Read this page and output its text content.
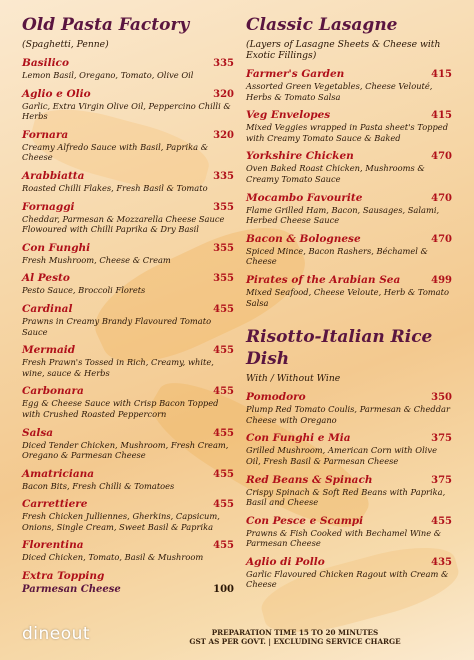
Old Pasta Factory
(Spaghetti, Penne)
Basilico	335
Lemon Basil, Oregano, Tomato, Olive Oil
Aglio e Olio	320
Garlic, Extra Virgin Olive Oil, Peppercino Chilli & Herbs
Fornara	320
Creamy Alfredo Sauce with Basil, Paprika & Cheese
Arabbiatta	335
Roasted Chilli Flakes, Fresh Basil & Tomato
Fornaggi	355
Cheddar, Parmesan & Mozzarella Cheese Sauce Flowoured with Chilli Paprika & Dry Basil
Con Funghi	355
Fresh Mushroom, Cheese & Cream
Al Pesto	355
Pesto Sauce, Broccoli Florets
Cardinal	455
Prawns in Creamy Brandy Flavoured Tomato Sauce
Mermaid	455
Fresh Prawn's Tossed in Rich, Creamy, white, wine, sauce & Herbs
Carbonara	455
Egg & Cheese Sauce with Crisp Bacon Topped with Crushed Roasted Peppercorn
Salsa	455
Diced Tender Chicken, Mushroom, Fresh Cream, Oregano & Parmesan Cheese
Amatriciana	455
Bacon Bits, Fresh Chilli & Tomatoes
Carrettiere	455
Fresh Chicken Julliennes, Gherkins, Capsicum, Onions, Single Cream, Sweet Basil & Paprika
Florentina	455
Diced Chicken, Tomato, Basil & Mushroom
Extra Topping
Parmesan Cheese	100
Classic Lasagne
(Layers of Lasagne Sheets & Cheese with Exotic Fillings)
Farmer's Garden	415
Assorted Green Vegetables, Cheese Velouté, Herbs & Tomato Salsa
Veg Envelopes	415
Mixed Veggies wrapped in Pasta sheet's Topped with Creamy Tomato Sauce & Baked
Yorkshire Chicken	470
Oven Baked Roast Chicken, Mushrooms & Creamy Tomato Sauce
Mocambo Favourite	470
Flame Grilled Ham, Bacon, Sausages, Salami, Herbed Cheese Sauce
Bacon & Bolognese	470
Spiced Mince, Bacon Rashers, Béchamel & Cheese
Pirates of the Arabian Sea	499
Mixed Seafood, Cheese Veloute, Herb & Tomato Salsa
Risotto-Italian Rice Dish
With / Without Wine
Pomodoro	350
Plump Red Tomato Coulis, Parmesan & Cheddar Cheese with Oregano
Con Funghi e Mia	375
Grilled Mushroom, American Corn with Olive Oil, Fresh Basil & Parmesan Cheese
Red Beans & Spinach	375
Crispy Spinach & Soft Red Beans with Paprika, Basil and Cheese
Con Pesce e Scampi	455
Prawns & Fish Cooked with Bechamel Wine & Parmesan Cheese
Aglio di Pollo	435
Garlic Flavoured Chicken Ragout with Cream & Cheese
dineout	PREPARATION TIME 15 TO 20 MINUTES
GST AS PER GOVT. | EXCLUDING SERVICE CHARGE
